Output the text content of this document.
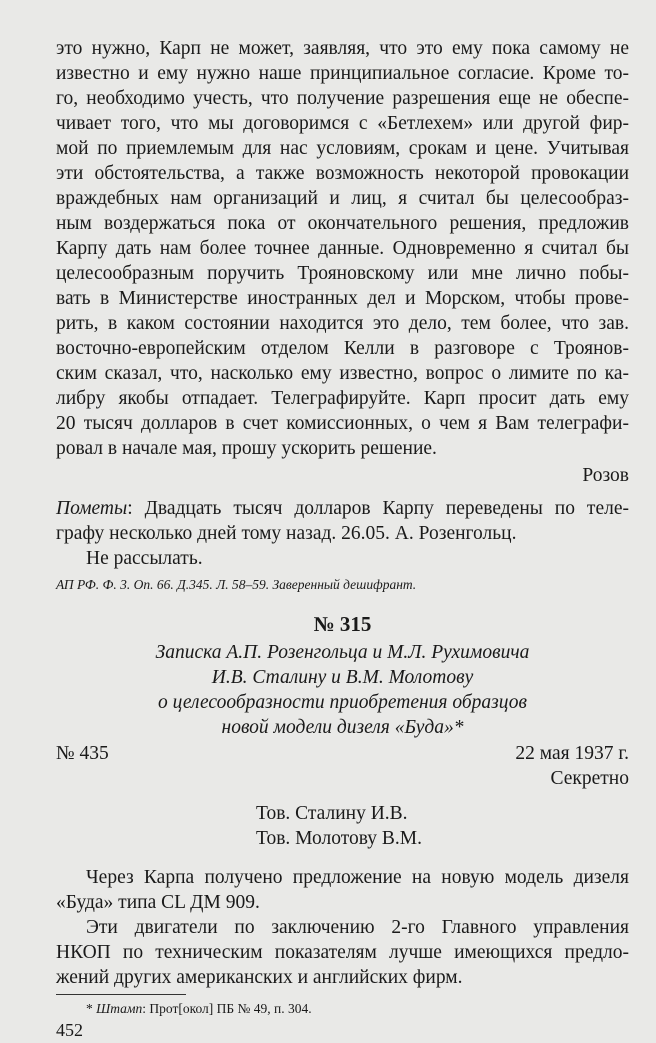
это нужно, Карп не может, заявляя, что это ему пока самому не
известно и ему нужно наше принципиальное согласие. Кроме то-
го, необходимо учесть, что получение разрешения еще не обеспе-
чивает того, что мы договоримся с «Бетлехем» или другой фир-
мой по приемлемым для нас условиям, срокам и цене. Учитывая
эти обстоятельства, а также возможность некоторой провокации
враждебных нам организаций и лиц, я считал бы целесообраз-
ным воздержаться пока от окончательного решения, предложив
Карпу дать нам более точнее данные. Одновременно я считал бы
целесообразным поручить Трояновскому или мне лично побы-
вать в Министерстве иностранных дел и Морском, чтобы прове-
рить, в каком состоянии находится это дело, тем более, что зав.
восточно-европейским отделом Келли в разговоре с Троянов-
ским сказал, что, насколько ему известно, вопрос о лимите по ка-
либру якобы отпадает. Телеграфируйте. Карп просит дать ему
20 тысяч долларов в счет комиссионных, о чем я Вам телеграфи-
ровал в начале мая, прошу ускорить решение.
Розов
Пометы: Двадцать тысяч долларов Карпу переведены по теле-
графу несколько дней тому назад. 26.05. А. Розенгольц.
Не рассылать.
АП РФ. Ф. 3. Оп. 66. Д.345. Л. 58–59. Заверенный дешифрант.
№ 315
Записка А.П. Розенгольца и М.Л. Рухимовича
И.В. Сталину и В.М. Молотову
о целесообразности приобретения образцов
новой модели дизеля «Буда»*
№ 435	22 мая 1937 г.
Секретно
Тов. Сталину И.В.
Тов. Молотову В.М.
Через Карпа получено предложение на новую модель дизеля
«Буда» типа CL ДМ 909.
Эти двигатели по заключению 2-го Главного управления
НКОП по техническим показателям лучше имеющихся предло-
жений других американских и английских фирм.
* Штамп: Прот[окол] ПБ № 49, п. 304.
452
